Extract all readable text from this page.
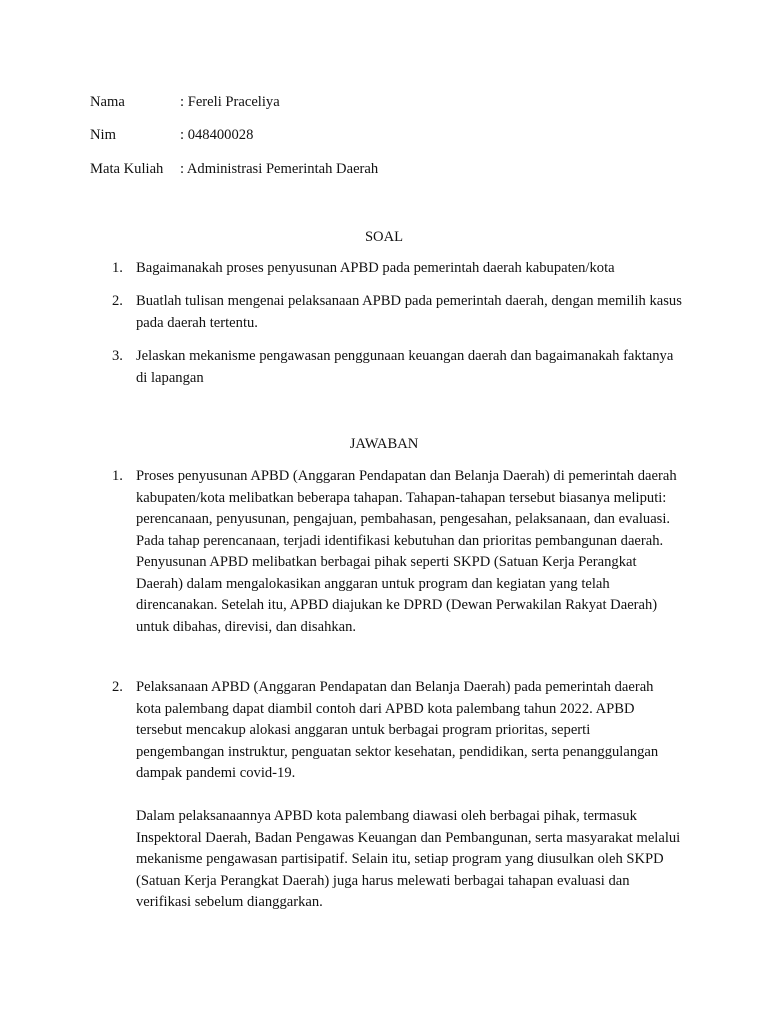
Nama	: Fereli Praceliya
Nim	: 048400028
Mata Kuliah : Administrasi Pemerintah Daerah
SOAL
1. Bagaimanakah proses penyusunan APBD pada pemerintah daerah kabupaten/kota
2. Buatlah tulisan mengenai pelaksanaan APBD pada pemerintah daerah, dengan memilih kasus pada daerah tertentu.
3. Jelaskan mekanisme pengawasan penggunaan keuangan daerah dan bagaimanakah faktanya di lapangan
JAWABAN
1. Proses penyusunan APBD (Anggaran Pendapatan dan Belanja Daerah) di pemerintah daerah kabupaten/kota melibatkan beberapa tahapan. Tahapan-tahapan tersebut biasanya meliputi: perencanaan, penyusunan, pengajuan, pembahasan, pengesahan, pelaksanaan, dan evaluasi. Pada tahap perencanaan, terjadi identifikasi kebutuhan dan prioritas pembangunan daerah. Penyusunan APBD melibatkan berbagai pihak seperti SKPD (Satuan Kerja Perangkat Daerah) dalam mengalokasikan anggaran untuk program dan kegiatan yang telah direncanakan. Setelah itu, APBD diajukan ke DPRD (Dewan Perwakilan Rakyat Daerah) untuk dibahas, direvisi, dan disahkan.

2. Pelaksanaan APBD (Anggaran Pendapatan dan Belanja Daerah) pada pemerintah daerah kota palembang dapat diambil contoh dari APBD kota palembang tahun 2022. APBD tersebut mencakup alokasi anggaran untuk berbagai program prioritas, seperti pengembangan instruktur, penguatan sektor kesehatan, pendidikan, serta penanggulangan dampak pandemi covid-19.

Dalam pelaksanaannya APBD kota palembang diawasi oleh berbagai pihak, termasuk Inspektoral Daerah, Badan Pengawas Keuangan dan Pembangunan, serta masyarakat melalui mekanisme pengawasan partisipatif. Selain itu, setiap program yang diusulkan oleh SKPD (Satuan Kerja Perangkat Daerah) juga harus melewati berbagai tahapan evaluasi dan verifikasi sebelum dianggarkan.
